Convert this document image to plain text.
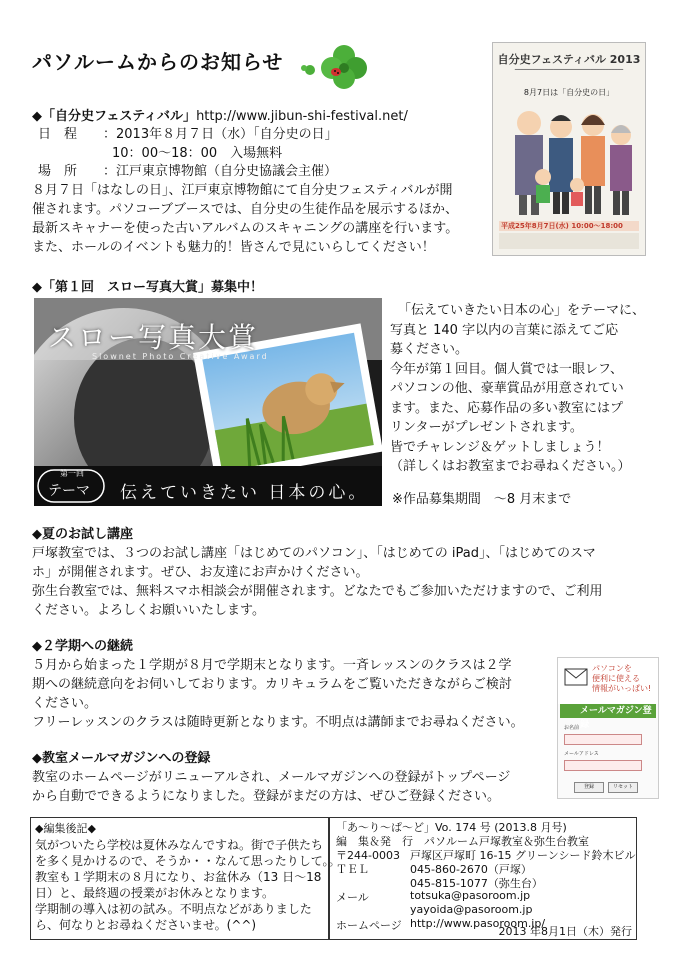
パソルームからのお知らせ
◆「自分史フェスティバル」http://www.jibun-shi-festival.net/
日　程 ：2013年８月７日（水）「自分史の日」
10：00～18：00　入場無料
場　所 ：江戸東京博物館（自分史協議会主催）
８月７日「はなしの日」、江戸東京博物館にて自分史フェスティバルが開
催されます。パソコーブブースでは、自分史の生徒作品を展示するほか、
最新スキャナーを使った古いアルバムのスキャニングの講座を行います。
また、ホールのイベントも魅力的！皆さんで見にいらしてください！
自分史フェスティバル 2013
━━━━━━━━━━━━━━━━━━━━━━━━━━━━━━━━━━━━
8月7日は「自分史の日」
平成25年8月7日(水) 10:00～18:00
◆「第１回　スロー写真大賞」募集中！
スロー写真大賞
Slownet Photo Creative Award
第一回
テーマ 伝えていきたい 日本の心。
「伝えていきたい日本の心」をテーマに、
写真と 140 字以内の言葉に添えてご応
募ください。
今年が第１回目。個人賞では一眼レフ、
パソコンの他、豪華賞品が用意されてい
ます。また、応募作品の多い教室にはプ
リンターがプレゼントされます。
皆でチャレンジ＆ゲットしましょう！
（詳しくはお教室までお尋ねください。）
※作品募集期間　～8 月末まで
◆夏のお試し講座
戸塚教室では、３つのお試し講座「はじめてのパソコン」、「はじめての iPad」、「はじめてのスマ
ホ」が開催されます。ぜひ、お友達にお声かけください。
弥生台教室では、無料スマホ相談会が開催されます。どなたでもご参加いただけますので、ご利用
ください。よろしくお願いいたします。
◆２学期への継続
５月から始まった１学期が８月で学期末となります。一斉レッスンのクラスは２学
期への継続意向をお伺いしております。カリキュラムをご覧いただきながらご検討
ください。
フリーレッスンのクラスは随時更新となります。不明点は講師までお尋ねください。
◆教室メールマガジンへの登録
教室のホームページがリニューアルされ、メールマガジンへの登録がトップページ
から自動でできるようになりました。登録がまだの方は、ぜひご登録ください。
パソコンを
便利に使える
情報がいっぱい!
メールマガジン登録
お名前
メールアドレス
登録	リセット
◆編集後記◆
気がついたら学校は夏休みなんですね。街で子供たち
を多く見かけるので、そうか・・なんて思ったりして。。
教室も１学期末の８月になり、お盆休み（13 日～18
日）と、最終週の授業がお休みとなります。
学期制の導入は初の試み。不明点などがありました
ら、何なりとお尋ねくださいませ。(^^)
「あ～り～ぱ～ど」Vo. 174 号 (2013.8 月号)
編　集＆発　行　パソルーム戸塚教室＆弥生台教室
〒244-0003 戸塚区戸塚町 16-15 グリーンシード鈴木ビル
ＴＥＬ	045-860-2670（戸塚）
045-815-1077（弥生台）
メール	totsuka@pasoroom.jp
yayoida@pasoroom.jp
ホームページ http://www.pasoroom.jp/
2013 年8月1日（木）発行
